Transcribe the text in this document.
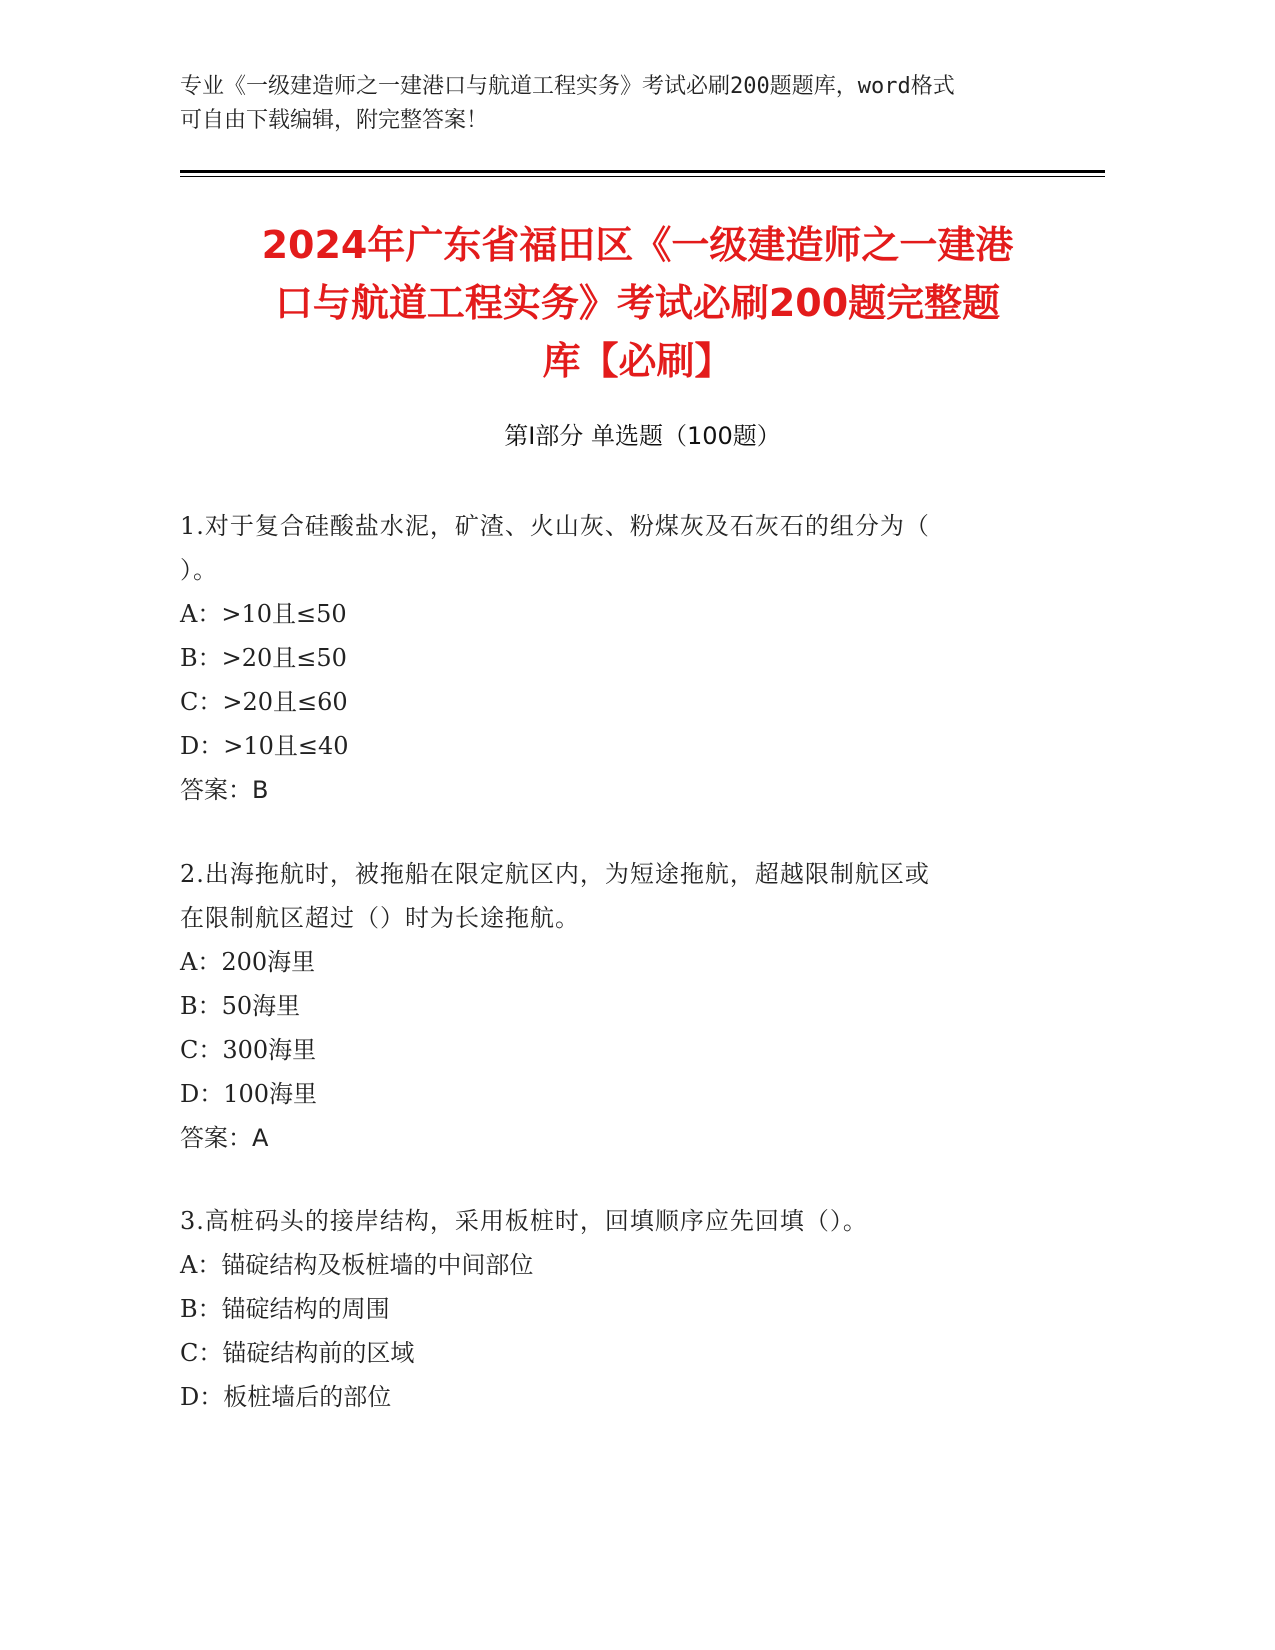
专业《一级建造师之一建港口与航道工程实务》考试必刷200题题库，word格式
可自由下载编辑，附完整答案！
2024年广东省福田区《一级建造师之一建港
口与航道工程实务》考试必刷200题完整题
库【必刷】
第Ⅰ部分 单选题（100题）
1.对于复合硅酸盐水泥，矿渣、火山灰、粉煤灰及石灰石的组分为（
）。
A：>10且≤50
B：>20且≤50
C：>20且≤60
D：>10且≤40
答案：B
2.出海拖航时，被拖船在限定航区内，为短途拖航，超越限制航区或
在限制航区超过（）时为长途拖航。
A：200海里
B：50海里
C：300海里
D：100海里
答案：A
3.高桩码头的接岸结构，采用板桩时，回填顺序应先回填（）。
A：锚碇结构及板桩墙的中间部位
B：锚碇结构的周围
C：锚碇结构前的区域
D：板桩墙后的部位
